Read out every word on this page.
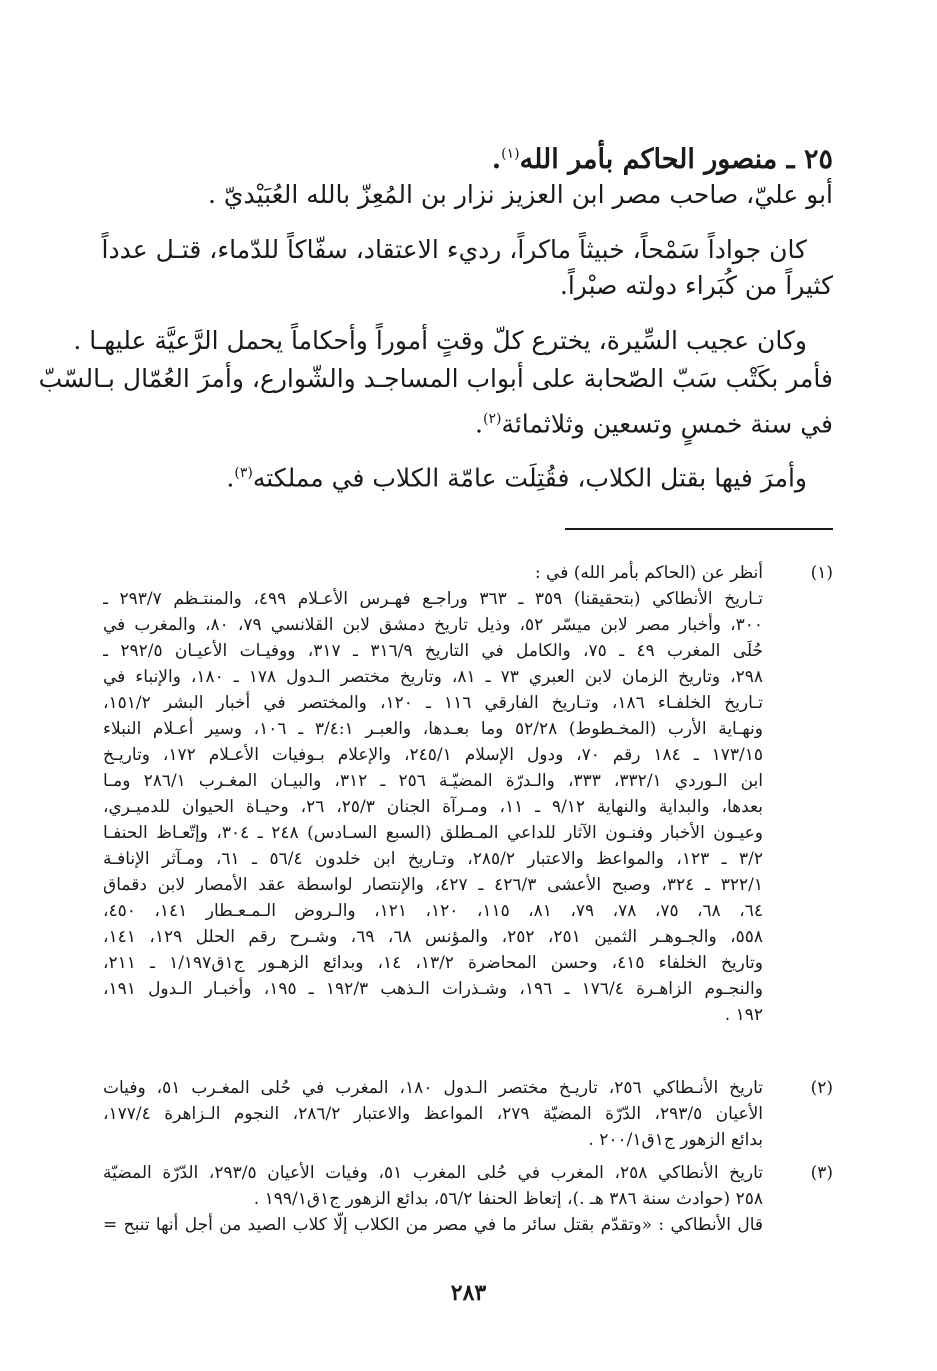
٢٥ ـ منصور الحاكم بأمر الله$^{(١)}$.
أبو عليّ، صاحب مصر ابن العزيز نزار بن المُعِزّ بالله العُبَيْديّ .
كان جواداً سَمْحاً، خبيثاً ماكراً، رديء الاعتقاد، سفّاكاً للدّماء، قتـل عدداً
كثيراً من كُبَراء دولته صبْراً.
وكان عجيب السِّيرة، يخترع كلّ وقتٍ أموراً وأحكاماً يحمل الرَّعيَّة عليهـا .
فأمر بكَتْب سَبّ الصّحابة على أبواب المساجـد والشّوارع، وأمرَ العُمّال بـالسّبّ
في سنة خمسٍ وتسعين وثلاثمائة$^{(٢)}$.
وأمرَ فيها بقتل الكلاب، فقُتِلَت عامّة الكلاب في مملكته$^{(٣)}$.
(١)
أنظر عن (الحاكم بأمر الله) في :
تـاريخ الأنطاكي (بتحقيقنا) ٣٥٩ ـ ٣٦٣ وراجـع فهـرس الأعـلام ٤٩٩، والمنتـظم ٢٩٣/٧ ـ
٣٠٠، وأخبار مصر لابن ميسّر ٥٢، وذيل تاريخ دمشق لابن القلانسي ٧٩، ٨٠، والمغرب في
حُلَى المغرب ٤٩ ـ ٧٥، والكامل في التاريخ ٣١٦/٩ ـ ٣١٧، ووفيـات الأعيـان ٢٩٢/٥ ـ
٢٩٨، وتاريخ الزمان لابن العبري ٧٣ ـ ٨١، وتاريخ مختصر الـدول ١٧٨ ـ ١٨٠، والإنباء في
تـاريخ الخلفـاء ١٨٦، وتـاريخ الفارقي ١١٦ ـ ١٢٠، والمختصر في أخبار البشر ١٥١/٢،
ونهـاية الأرب (المخـطوط) ٥٢/٢٨ وما بعـدها، والعبـر ٣/٤:١ ـ ١٠٦، وسير أعـلام النبلاء
١٧٣/١٥ ـ ١٨٤ رقم ٧٠، ودول الإسلام ٢٤٥/١، والإعلام بـوفيات الأعـلام ١٧٢، وتاريـخ
ابن الـوردي ٣٣٢/١، ٣٣٣، والـدرّة المضيّـة ٢٥٦ ـ ٣١٢، والبيـان المغـرب ٢٨٦/١ ومـا
بعدها، والبداية والنهاية ٩/١٢ ـ ١١، ومـرآة الجنان ٢٥/٣، ٢٦، وحيـاة الحيوان للدميـري،
وعيـون الأخبار وفنـون الآثار للداعي المـطلق (السبع السـادس) ٢٤٨ ـ ٣٠٤، وإتّعـاظ الحنفـا
٣/٢ ـ ١٢٣، والمواعظ والاعتبار ٢٨٥/٢، وتـاريخ ابن خلدون ٥٦/٤ ـ ٦١، ومـآثر الإنافـة
٣٢٢/١ ـ ٣٢٤، وصبح الأعشى ٤٢٦/٣ ـ ٤٢٧، والإنتصار لواسطة عقد الأمصار لابن دقماق
٦٤، ٦٨، ٧٥، ٧٨، ٧٩، ٨١، ١١٥، ١٢٠، ١٢١، والـروض الـمـعـطار ١٤١، ٤٥٠،
٥٥٨، والجـوهـر الثمين ٢٥١، ٢٥٢، والمؤنس ٦٨، ٦٩، وشـرح رقم الحلل ١٢٩، ١٤١،
وتاريخ الخلفاء ٤١٥، وحسن المحاضرة ١٣/٢، ١٤، وبدائع الزهـور ج١ق١/١٩٧ ـ ٢١١،
والنجـوم الزاهـرة ١٧٦/٤ ـ ١٩٦، وشـذرات الـذهب ١٩٢/٣ ـ ١٩٥، وأخبـار الـدول ١٩١،
١٩٢ .
(٢)
تاريخ الأنـطاكي ٢٥٦، تاريـخ مختصر الـدول ١٨٠، المغرب في حُلى المغـرب ٥١، وفيات
الأعيان ٢٩٣/٥، الدّرّة المضيّة ٢٧٩، المواعظ والاعتبار ٢٨٦/٢، النجوم الـزاهرة ١٧٧/٤،
بدائع الزهور ج١ق٢٠٠/١ .
(٣)
تاريخ الأنطاكي ٢٥٨، المغرب في حُلى المغرب ٥١، وفيات الأعيان ٢٩٣/٥، الدّرّة المضيّة
٢٥٨ (حوادث سنة ٣٨٦ هـ .)، إتعاظ الحنفا ٥٦/٢، بدائع الزهور ج١ق١٩٩/١ .
قال الأنطاكي : «وتقدّم بقتل سائر ما في مصر من الكلاب إلّا كلاب الصيد من أجل أنها تنبح =
٢٨٣
